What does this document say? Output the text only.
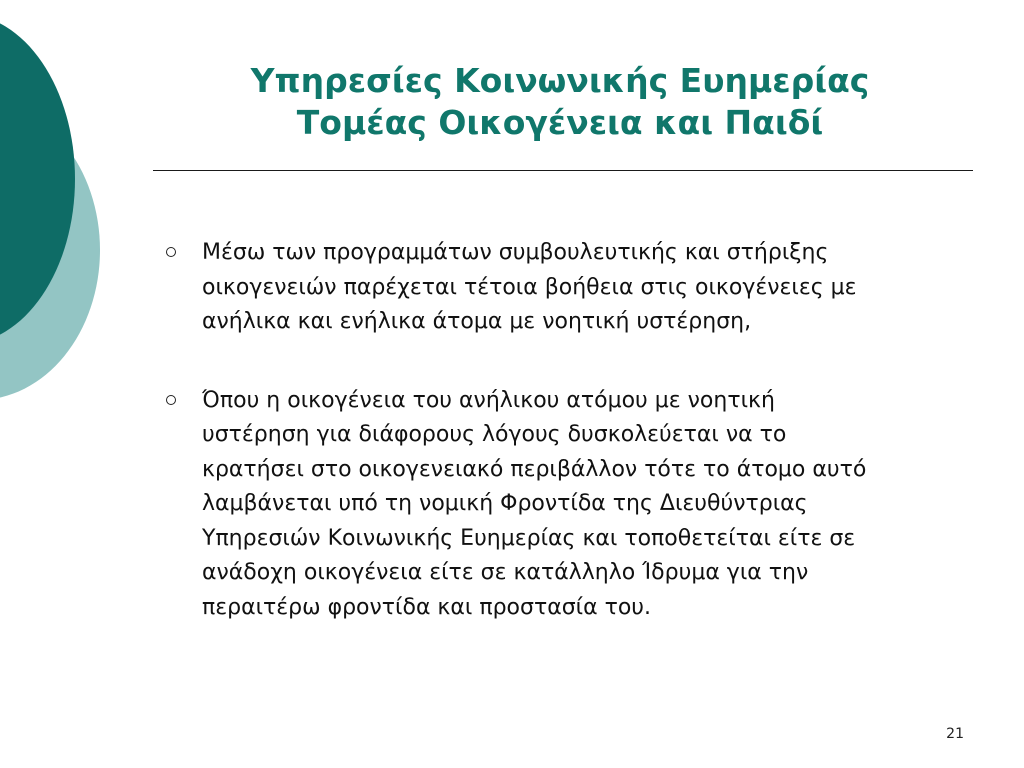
Υπηρεσίες Κοινωνικής Ευημερίας
Τομέας Οικογένεια και Παιδί
Μέσω των προγραμμάτων συμβουλευτικής και στήριξης
οικογενειών παρέχεται τέτοια βοήθεια στις οικογένειες με
ανήλικα και ενήλικα άτομα με νοητική υστέρηση,
Όπου η οικογένεια του ανήλικου ατόμου με νοητική
υστέρηση για διάφορους λόγους δυσκολεύεται να το
κρατήσει στο οικογενειακό περιβάλλον τότε το άτομο αυτό
λαμβάνεται υπό τη νομική Φροντίδα της Διευθύντριας
Υπηρεσιών Κοινωνικής Ευημερίας και τοποθετείται είτε σε
ανάδοχη οικογένεια είτε σε κατάλληλο Ίδρυμα για την
περαιτέρω φροντίδα και προστασία του.
21
